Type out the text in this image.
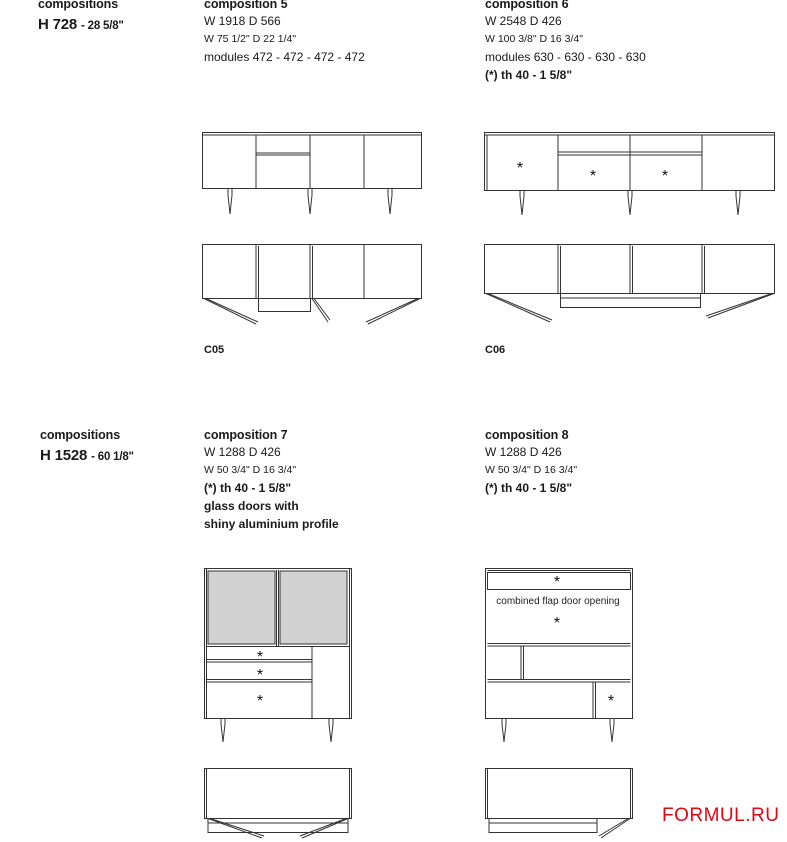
compositions
H 728 - 28 5/8"
composition 5
W 1918 D 566
W 75 1/2" D 22 1/4"
modules 472 - 472 - 472 - 472
composition 6
W 2548 D 426
W 100 3/8" D 16 3/4"
modules 630 - 630 - 630 - 630
(*) th 40 - 1 5/8"
C05
*	*	*
C06
compositions
H 1528 - 60 1/8"
composition 7
W 1288 D 426
W 50 3/4" D 16 3/4"
(*) th 40 - 1 5/8"
glass doors with
shiny aluminium profile
composition 8
W 1288 D 426
W 50 3/4" D 16 3/4"
(*) th 40 - 1 5/8"
*
*
*
*
*
*
combined flap door opening
FORMUL.RU
